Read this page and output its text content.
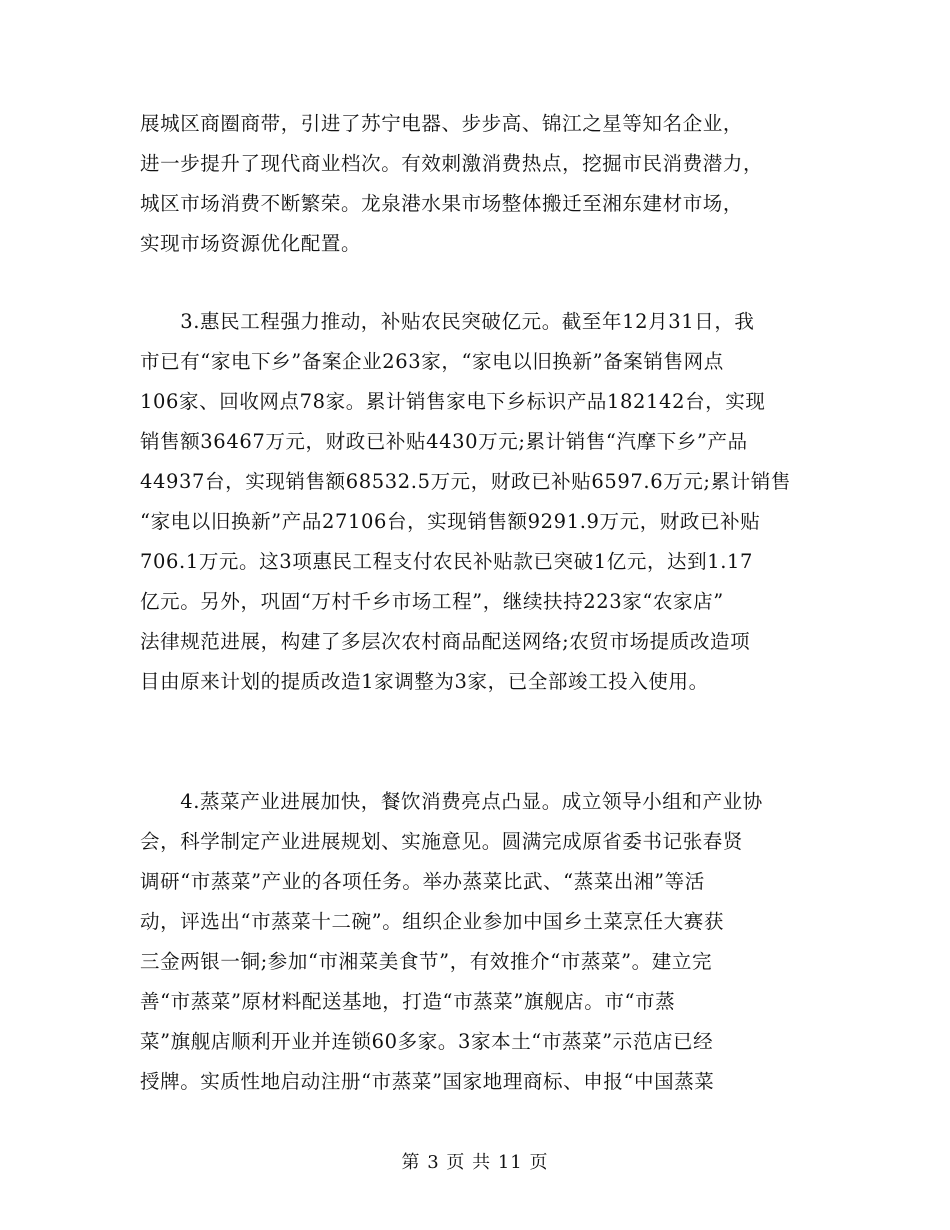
展城区商圈商带，引进了苏宁电器、步步高、锦江之星等知名企业，
进一步提升了现代商业档次。有效刺激消费热点，挖掘市民消费潜力，
城区市场消费不断繁荣。龙泉港水果市场整体搬迁至湘东建材市场，
实现市场资源优化配置。
　　3.惠民工程强力推动，补贴农民突破亿元。截至年12月31日，我
市已有“家电下乡”备案企业263家，“家电以旧换新”备案销售网点
106家、回收网点78家。累计销售家电下乡标识产品182142台，实现
销售额36467万元，财政已补贴4430万元;累计销售“汽摩下乡”产品
44937台，实现销售额68532.5万元，财政已补贴6597.6万元;累计销售
“家电以旧换新”产品27106台，实现销售额9291.9万元，财政已补贴
706.1万元。这3项惠民工程支付农民补贴款已突破1亿元，达到1.17
亿元。另外，巩固“万村千乡市场工程”，继续扶持223家“农家店”
法律规范进展，构建了多层次农村商品配送网络;农贸市场提质改造项
目由原来计划的提质改造1家调整为3家，已全部竣工投入使用。
　　4.蒸菜产业进展加快，餐饮消费亮点凸显。成立领导小组和产业协
会，科学制定产业进展规划、实施意见。圆满完成原省委书记张春贤
调研“市蒸菜”产业的各项任务。举办蒸菜比武、“蒸菜出湘”等活
动，评选出“市蒸菜十二碗”。组织企业参加中国乡土菜烹任大赛获
三金两银一铜;参加“市湘菜美食节”，有效推介“市蒸菜”。建立完
善“市蒸菜”原材料配送基地，打造“市蒸菜”旗舰店。市“市蒸
菜”旗舰店顺利开业并连锁60多家。3家本土“市蒸菜”示范店已经
授牌。实质性地启动注册“市蒸菜”国家地理商标、申报“中国蒸菜
第 3 页 共 11 页
